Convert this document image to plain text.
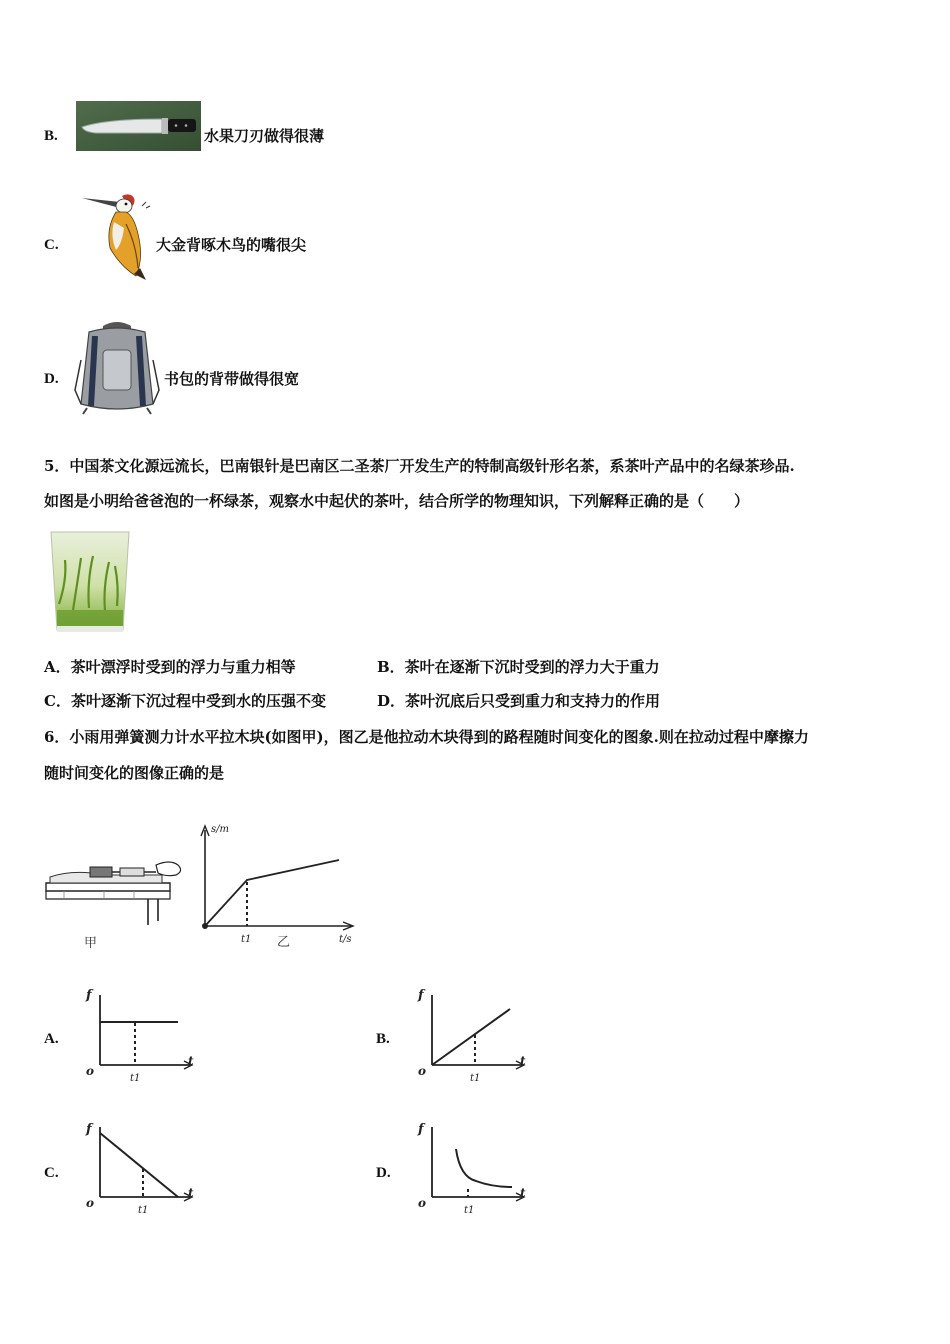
B.	水果刀刃做得很薄
C.	大金背啄木鸟的嘴很尖
D.	书包的背带做得很宽
5．中国茶文化源远流长，巴南银针是巴南区二圣茶厂开发生产的特制高级针形名茶，系茶叶产品中的名绿茶珍品.
如图是小明给爸爸泡的一杯绿茶，观察水中起伏的茶叶，结合所学的物理知识，下列解释正确的是（　　）
A．茶叶漂浮时受到的浮力与重力相等	B．茶叶在逐渐下沉时受到的浮力大于重力
C．茶叶逐渐下沉过程中受到水的压强不变	D．茶叶沉底后只受到重力和支持力的作用
6．小雨用弹簧测力计水平拉木块(如图甲)，图乙是他拉动木块得到的路程随时间变化的图象.则在拉动过程中摩擦力
随时间变化的图像正确的是
甲
s/m
t/s
t1 乙
A.
f
o
t
t1
B.
f
o
t
t1
C.
f
o
t
t1
D.
f
o
t
t1
